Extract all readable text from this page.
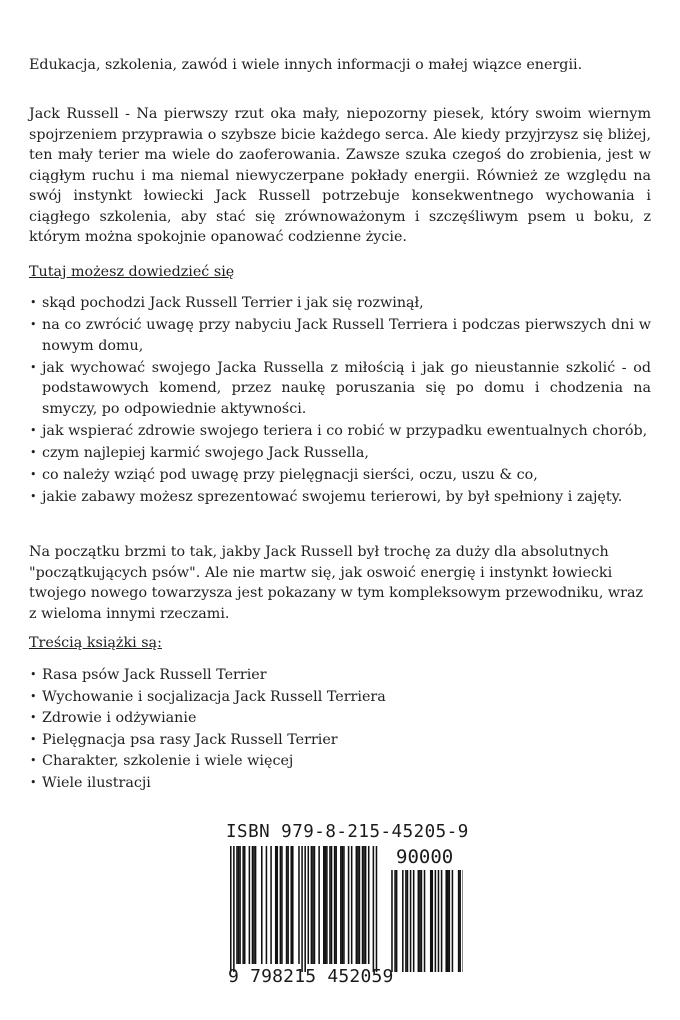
Edukacja, szkolenia, zawód i wiele innych informacji o małej wiązce energii.

Jack Russell - Na pierwszy rzut oka mały, niepozorny piesek, który swoim wiernym spojrzeniem przyprawia o szybsze bicie każdego serca. Ale kiedy przyjrzysz się bliżej, ten mały terier ma wiele do zaoferowania. Zawsze szuka czegoś do zrobienia, jest w ciągłym ruchu i ma niemal niewyczerpane pokłady energii. Również ze względu na swój instynkt łowiecki Jack Russell potrzebuje konsekwentnego wychowania i ciągłego szkolenia, aby stać się zrównoważonym i szczęśliwym psem u boku, z którym można spokojnie opanować codzienne życie.

Tutaj możesz dowiedzieć się

• skąd pochodzi Jack Russell Terrier i jak się rozwinął,
• na co zwrócić uwagę przy nabyciu Jack Russell Terriera i podczas pierwszych dni w nowym domu,
• jak wychować swojego Jacka Russella z miłością i jak go nieustannie szkolić - od podstawowych komend, przez naukę poruszania się po domu i chodzenia na smyczy, po odpowiednie aktywności.
• jak wspierać zdrowie swojego teriera i co robić w przypadku ewentualnych chorób,
• czym najlepiej karmić swojego Jack Russella,
• co należy wziąć pod uwagę przy pielęgnacji sierści, oczu, uszu & co,
• jakie zabawy możesz sprezentować swojemu terierowi, by był spełniony i zajęty.

Na początku brzmi to tak, jakby Jack Russell był trochę za duży dla absolutnych "początkujących psów". Ale nie martw się, jak oswoić energię i instynkt łowiecki twojego nowego towarzysza jest pokazany w tym kompleksowym przewodniku, wraz z wieloma innymi rzeczami.

Treścią książki są:

• Rasa psów Jack Russell Terrier
• Wychowanie i socjalizacja Jack Russell Terriera
• Zdrowie i odżywianie
• Pielęgnacja psa rasy Jack Russell Terrier
• Charakter, szkolenie i wiele więcej
• Wiele ilustracji
ISBN 979-8-215-45205-9
90000
9 798215 452059
